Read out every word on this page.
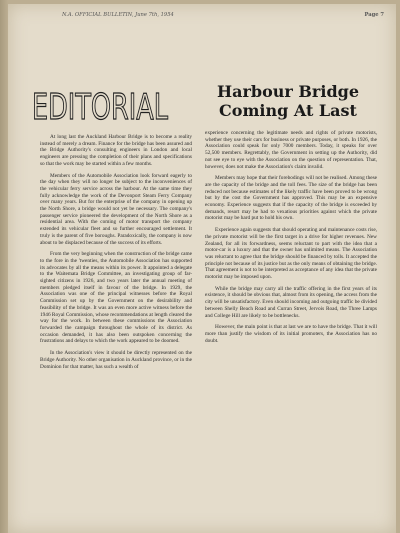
N.A. OFFICIAL BULLETIN, June 7th, 1954	Page 7
EDITORIAL	Harbour Bridge
Coming At Last

At long last the Auckland Harbour Bridge is to become a reality instead of merely a dream. Finance for the bridge has been assured and the Bridge Authority's consulting engineers in London and local engineers are pressing the completion of their plans and specifications so that the work may be started within a few months.

Members of the Automobile Association look forward eagerly to the day when they will no longer be subject to the inconveniences of the vehicular ferry service across the harbour. At the same time they fully acknowledge the work of the Devonport Steam Ferry Company over many years. But for the enterprise of the company in opening up the North Shore, a bridge would not yet be necessary. The company's passenger service pioneered the development of the North Shore as a residential area. With the coming of motor transport the company extended its vehicular fleet and so further encouraged settlement. It truly is the parent of five boroughs. Paradoxically, the company is now about to be displaced because of the success of its efforts.

From the very beginning when the construction of the bridge came to the fore in the 'twenties, the Automobile Association has supported its advocates by all the means within its power. It appointed a delegate to the Waitemata Bridge Committee, an investigating group of far-sighted citizens in 1926, and two years later the annual meeting of members pledged itself in favour of the bridge. In 1929, the Association was one of the principal witnesses before the Royal Commission set up by the Government on the desirability and feasibility of the bridge. It was an even more active witness before the 1946 Royal Commission, whose recommendations at length cleared the way for the work. In between these commissions the Association forwarded the campaign throughout the whole of its district. As occasion demanded, it has also been outspoken concerning the frustrations and delays to which the work appeared to be doomed.

In the Association's view it should be directly represented on the Bridge Authority. No other organisation in Auckland province, or in the Dominion for that matter, has such a wealth of

experience concerning the legitimate needs and rights of private motorists, whether they use their cars for business or private purposes, or both. In 1926, the Association could speak for only 7000 members. Today, it speaks for over 52,500 members. Regrettably, the Government in setting up the Authority, did not see eye to eye with the Association on the question of representation. That, however, does not make the Association's claim invalid.

Members may hope that their forebodings will not be realised. Among these are the capacity of the bridge and the toll fees. The size of the bridge has been reduced not because estimates of the likely traffic have been proved to be wrong but by the cost the Government has approved. This may be an expensive economy. Experience suggests that if the capacity of the bridge is exceeded by demands, resort may be had to vexatious priorities against which the private motorist may be hard put to hold his own.

Experience again suggests that should operating and maintenance costs rise, the private motorist will be the first target in a drive for higher revenues. New Zealand, for all its forwardness, seems reluctant to part with the idea that a motor-car is a luxury and that the owner has unlimited means. The Association was reluctant to agree that the bridge should be financed by tolls. It accepted the principle not because of its justice but as the only means of obtaining the bridge. That agreement is not to be interpreted as acceptance of any idea that the private motorist may be imposed upon.

While the bridge may carry all the traffic offering in the first years of its existence, it should be obvious that, almost from its opening, the access from the city will be unsatisfactory. Even should incoming and outgoing traffic be divided between Shelly Beach Road and Curran Street, Jervois Road, the Three Lamps and College Hill are likely to be bottlenecks.

However, the main point is that at last we are to have the bridge. That it will more than justify the wisdom of its initial promoters, the Association has no doubt.
